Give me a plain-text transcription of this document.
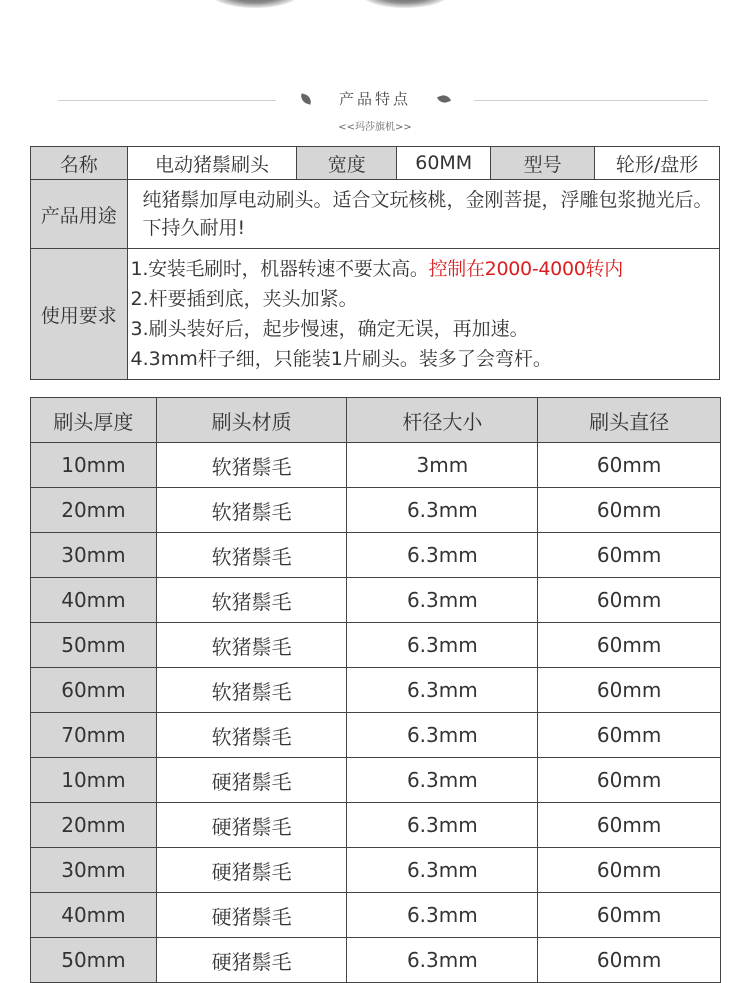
产品特点
<<玛莎旗机>>
名称	电动猪鬃刷头	宽度	60MM	型号	轮形/盘形
产品用途	纯猪鬃加厚电动刷头。适合文玩核桃，金刚菩提，浮雕包浆抛光后。下持久耐用!				

使用要求	1.安装毛刷时，机器转速不要太高。控制在2000-4000转内
2.杆要插到底，夹头加紧。
3.刷头装好后，起步慢速，确定无误，再加速。
4.3mm杆子细，只能装1片刷头。装多了会弯杆。				
刷头厚度	刷头材质	杆径大小	刷头直径
10mm	软猪鬃毛	3mm	60mm
20mm	软猪鬃毛	6.3mm	60mm
30mm	软猪鬃毛	6.3mm	60mm
40mm	软猪鬃毛	6.3mm	60mm
50mm	软猪鬃毛	6.3mm	60mm
60mm	软猪鬃毛	6.3mm	60mm
70mm	软猪鬃毛	6.3mm	60mm
10mm	硬猪鬃毛	6.3mm	60mm
20mm	硬猪鬃毛	6.3mm	60mm
30mm	硬猪鬃毛	6.3mm	60mm
40mm	硬猪鬃毛	6.3mm	60mm
50mm	硬猪鬃毛	6.3mm	60mm
